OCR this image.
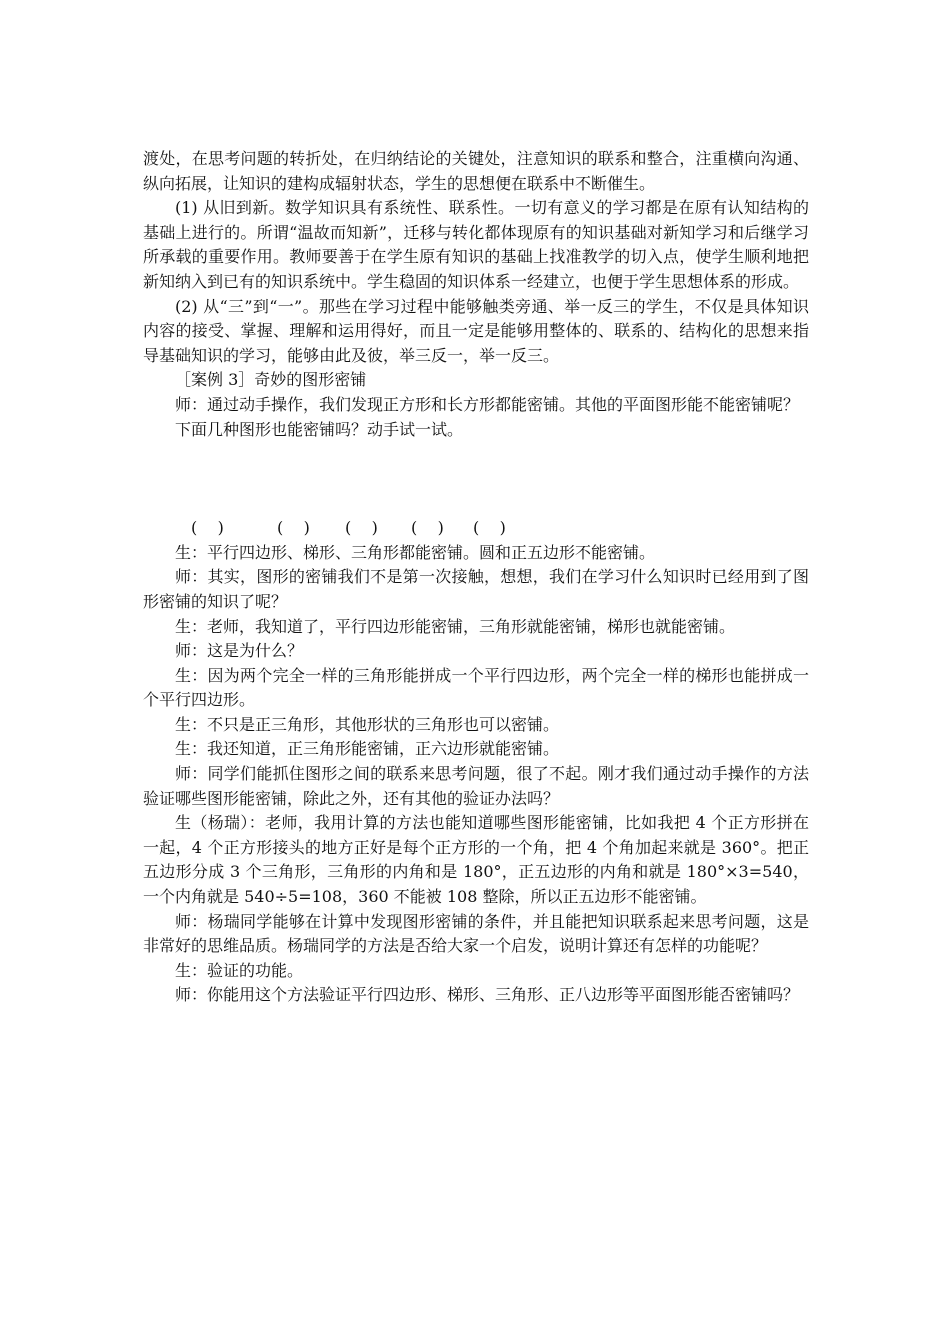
渡处，在思考问题的转折处，在归纳结论的关键处，注意知识的联系和整合，注重横向沟通、纵向拓展，让知识的建构成辐射状态，学生的思想便在联系中不断催生。

(1) 从旧到新。数学知识具有系统性、联系性。一切有意义的学习都是在原有认知结构的基础上进行的。所谓“温故而知新”，迁移与转化都体现原有的知识基础对新知学习和后继学习所承载的重要作用。教师要善于在学生原有知识的基础上找准教学的切入点，使学生顺利地把新知纳入到已有的知识系统中。学生稳固的知识体系一经建立，也便于学生思想体系的形成。

(2) 从“三”到“一”。那些在学习过程中能够触类旁通、举一反三的学生，不仅是具体知识内容的接受、掌握、理解和运用得好，而且一定是能够用整体的、联系的、结构化的思想来指导基础知识的学习，能够由此及彼，举三反一，举一反三。

［案例 3］奇妙的图形密铺

师：通过动手操作，我们发现正方形和长方形都能密铺。其他的平面图形能不能密铺呢？

下面几种图形也能密铺吗？动手试一试。

(    )	(    ) (    ) (    ) (    )

生：平行四边形、梯形、三角形都能密铺。圆和正五边形不能密铺。

师：其实，图形的密铺我们不是第一次接触，想想，我们在学习什么知识时已经用到了图形密铺的知识了呢？

生：老师，我知道了，平行四边形能密铺，三角形就能密铺，梯形也就能密铺。

师：这是为什么？

生：因为两个完全一样的三角形能拼成一个平行四边形，两个完全一样的梯形也能拼成一个平行四边形。

生：不只是正三角形，其他形状的三角形也可以密铺。

生：我还知道，正三角形能密铺，正六边形就能密铺。

师：同学们能抓住图形之间的联系来思考问题，很了不起。刚才我们通过动手操作的方法验证哪些图形能密铺，除此之外，还有其他的验证办法吗？

生（杨瑞）：老师，我用计算的方法也能知道哪些图形能密铺，比如我把 4 个正方形拼在一起，4 个正方形接头的地方正好是每个正方形的一个角，把 4 个角加起来就是 360°。把正五边形分成 3 个三角形，三角形的内角和是 180°，正五边形的内角和就是 180°×3=540，一个内角就是 540÷5=108，360 不能被 108 整除，所以正五边形不能密铺。

师：杨瑞同学能够在计算中发现图形密铺的条件，并且能把知识联系起来思考问题，这是非常好的思维品质。杨瑞同学的方法是否给大家一个启发，说明计算还有怎样的功能呢？

生：验证的功能。

师：你能用这个方法验证平行四边形、梯形、三角形、正八边形等平面图形能否密铺吗？
